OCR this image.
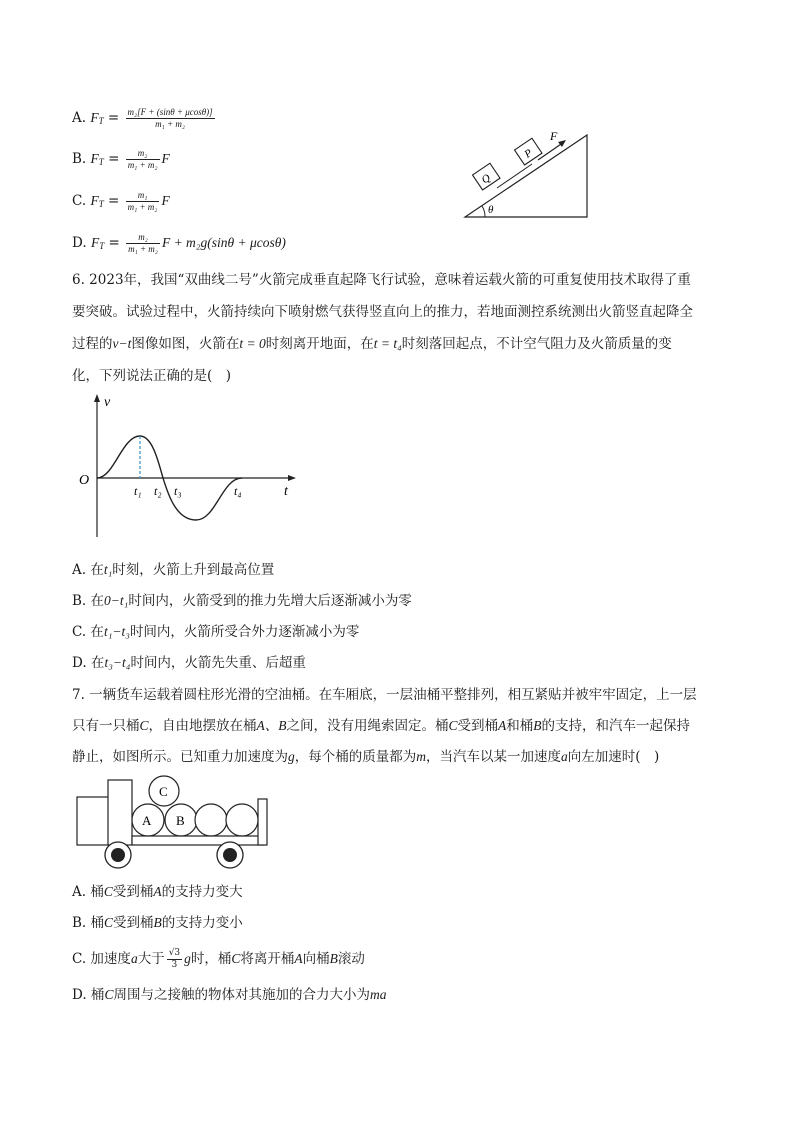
A. $F_T = \frac{\text{m₂[F + (sinθ + μcosθ)]}}{\text{m₁ + m₂}}$
B. $F_T = \frac{\text{m₂}}{\text{m₁ + m₂}}$ F
C. $F_T = \frac{\text{m₁}}{\text{m₁ + m₂}}$ F
D. $F_T = \frac{\text{m₂}}{\text{m₁ + m₂}}$ F + m₂g(sinθ + μcosθ)
θ
F
Q
P
6. 2023年，我国“双曲线二号”火箭完成垂直起降飞行试验，意味着运载火箭的可重复使用技术取得了重
要突破。试验过程中，火箭持续向下喷射燃气获得竖直向上的推力，若地面测控系统测出火箭竖直起降全
过程的v−t图像如图，火箭在t = 0时刻离开地面，在t = t₄时刻落回起点，不计空气阻力及火箭质量的变
化，下列说法正确的是(　)
v
t
O
t₁ t₂ t₃	t₄
A. 在t₁时刻，火箭上升到最高位置
B. 在0−t₁时间内，火箭受到的推力先增大后逐渐减小为零
C. 在t₁−t₃时间内，火箭所受合外力逐渐减小为零
D. 在t₃−t₄时间内，火箭先失重、后超重
7. 一辆货车运载着圆柱形光滑的空油桶。在车厢底，一层油桶平整排列，相互紧贴并被牢牢固定，上一层
只有一只桶C，自由地摆放在桶A、B之间，没有用绳索固定。桶C受到桶A和桶B的支持，和汽车一起保持
静止，如图所示。已知重力加速度为g，每个桶的质量都为m，当汽车以某一加速度a向左加速时(　)
A B
C
A. 桶C受到桶A的支持力变大
B. 桶C受到桶B的支持力变小
C. 加速度a大于 $\frac{√3}{3}$ g时，桶C将离开桶A向桶B滚动
D. 桶C周围与之接触的物体对其施加的合力大小为ma
